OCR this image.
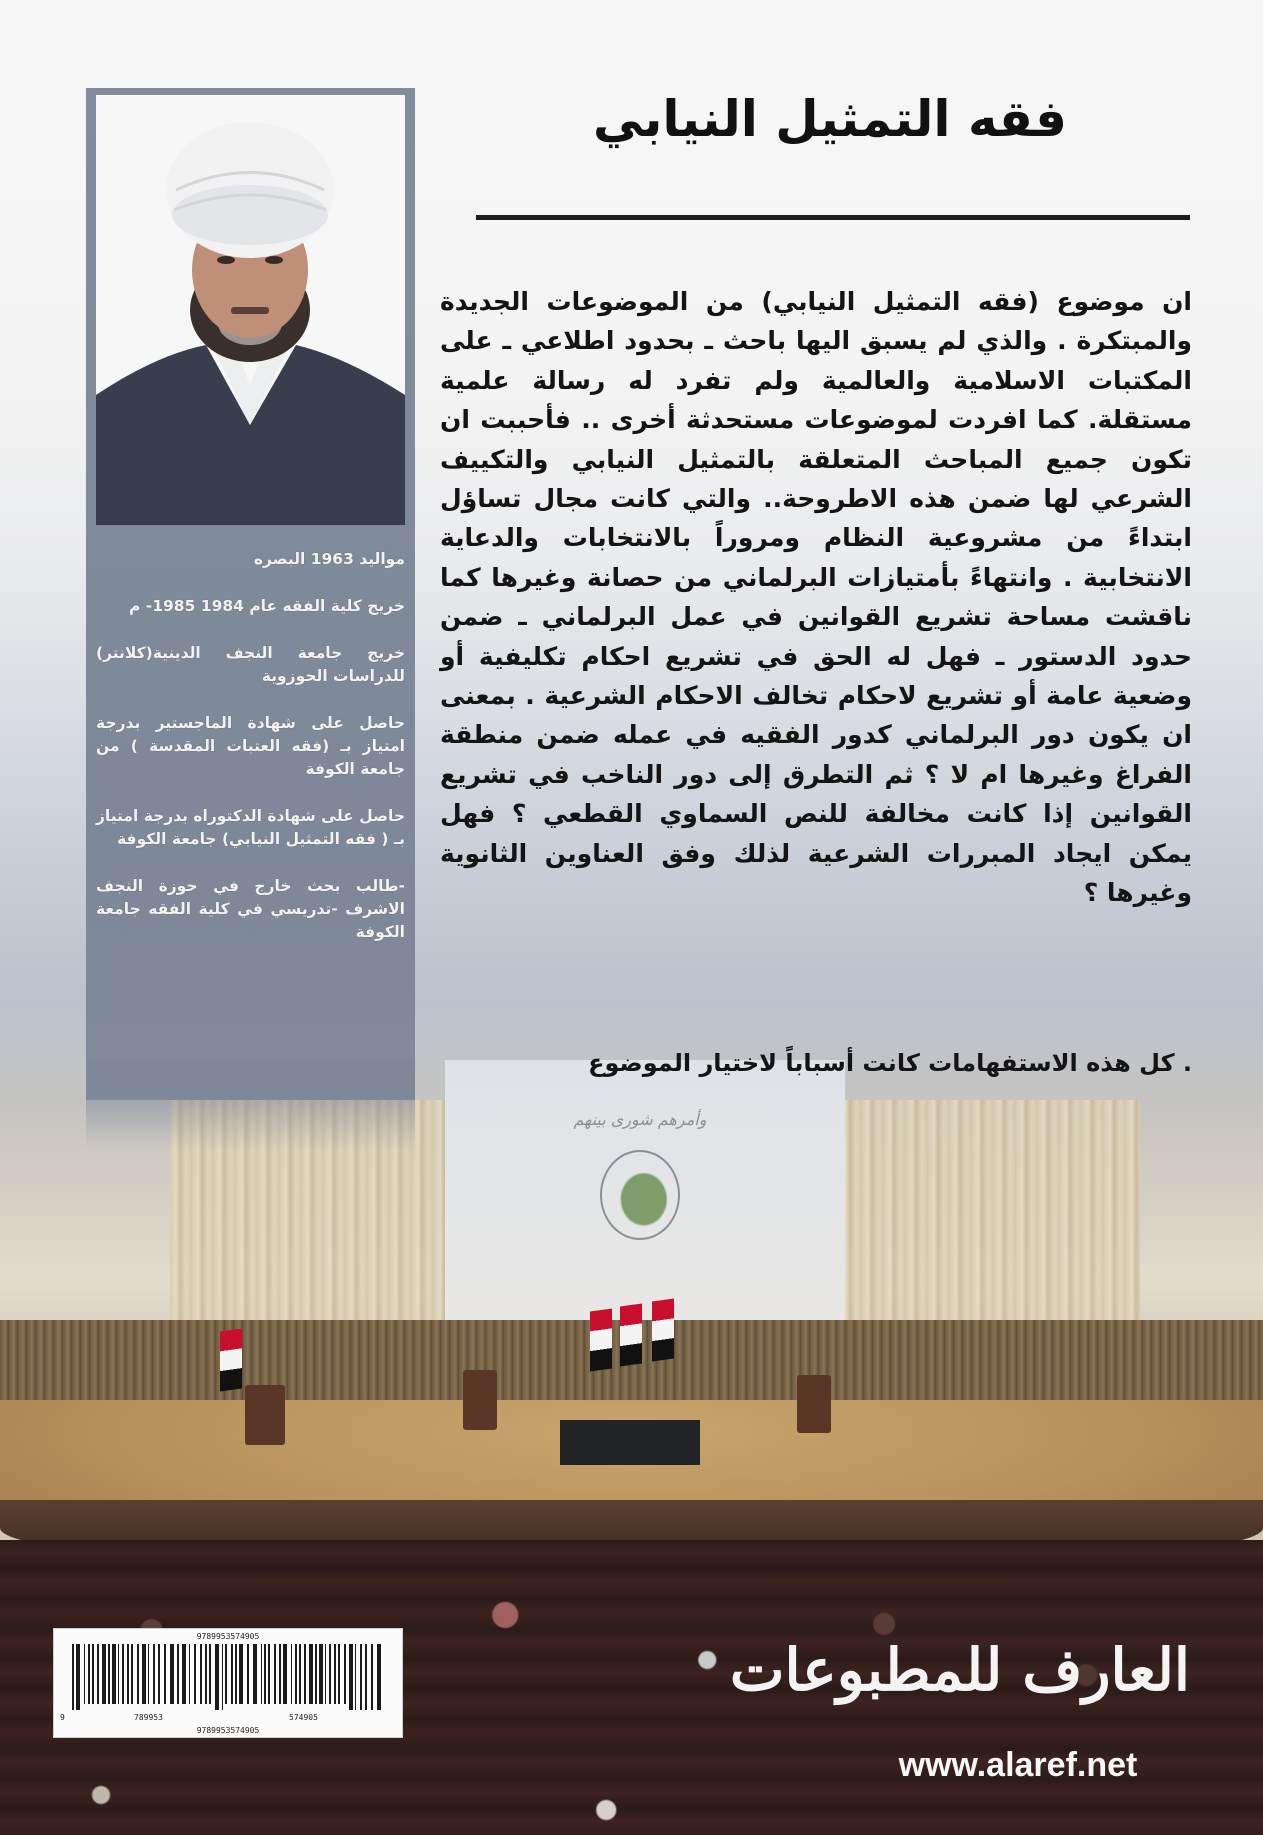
وأمرهم شورى بينهم
فقه التمثيل النيابي

ان موضوع (فقه التمثيل النيابي) من الموضوعات الجديدة والمبتكرة . والذي لم يسبق اليها باحث ـ بحدود اطلاعي ـ على المكتبات الاسلامية والعالمية ولم تفرد له رسالة علمية مستقلة. كما افردت لموضوعات مستحدثة أخرى .. فأحببت ان تكون جميع المباحث المتعلقة بالتمثيل النيابي والتكييف الشرعي لها ضمن هذه الاطروحة.. والتي كانت مجال تساؤل ابتداءً من مشروعية النظام ومروراً بالانتخابات والدعاية الانتخابية . وانتهاءً بأمتيازات البرلماني من حصانة وغيرها كما ناقشت مساحة تشريع القوانين في عمل البرلماني ـ ضمن حدود الدستور ـ فهل له الحق في تشريع احكام تكليفية أو وضعية عامة أو تشريع لاحكام تخالف الاحكام الشرعية . بمعنى ان يكون دور البرلماني كدور الفقيه في عمله ضمن منطقة الفراغ وغيرها ام لا ؟ ثم التطرق إلى دور الناخب في تشريع القوانين إذا كانت مخالفة للنص السماوي القطعي ؟ فهل يمكن ايجاد المبررات الشرعية لذلك وفق العناوين الثانوية وغيرها ؟

. كل هذه الاستفهامات كانت أسباباً لاختيار الموضوع

مواليد 1963 البصره

خريج كلية الفقه عام 1984 1985- م

خريج جامعة النجف الدينية(كلانتر) للدراسات الحوزوية

حاصل على شهادة الماجستير بدرجة امتياز بـ (فقه العتبات المقدسة ) من جامعة الكوفة

حاصل على شهادة الدكتوراه بدرجة امتياز بـ ( فقه التمثيل النيابي) جامعة الكوفة

-طالب بحث خارج في حوزة النجف الاشرف -تدريسي في كلية الفقه جامعة الكوفة

9789953574905
9	789953	574905
9789953574905
العارف للمطبوعات
www.alaref.net
